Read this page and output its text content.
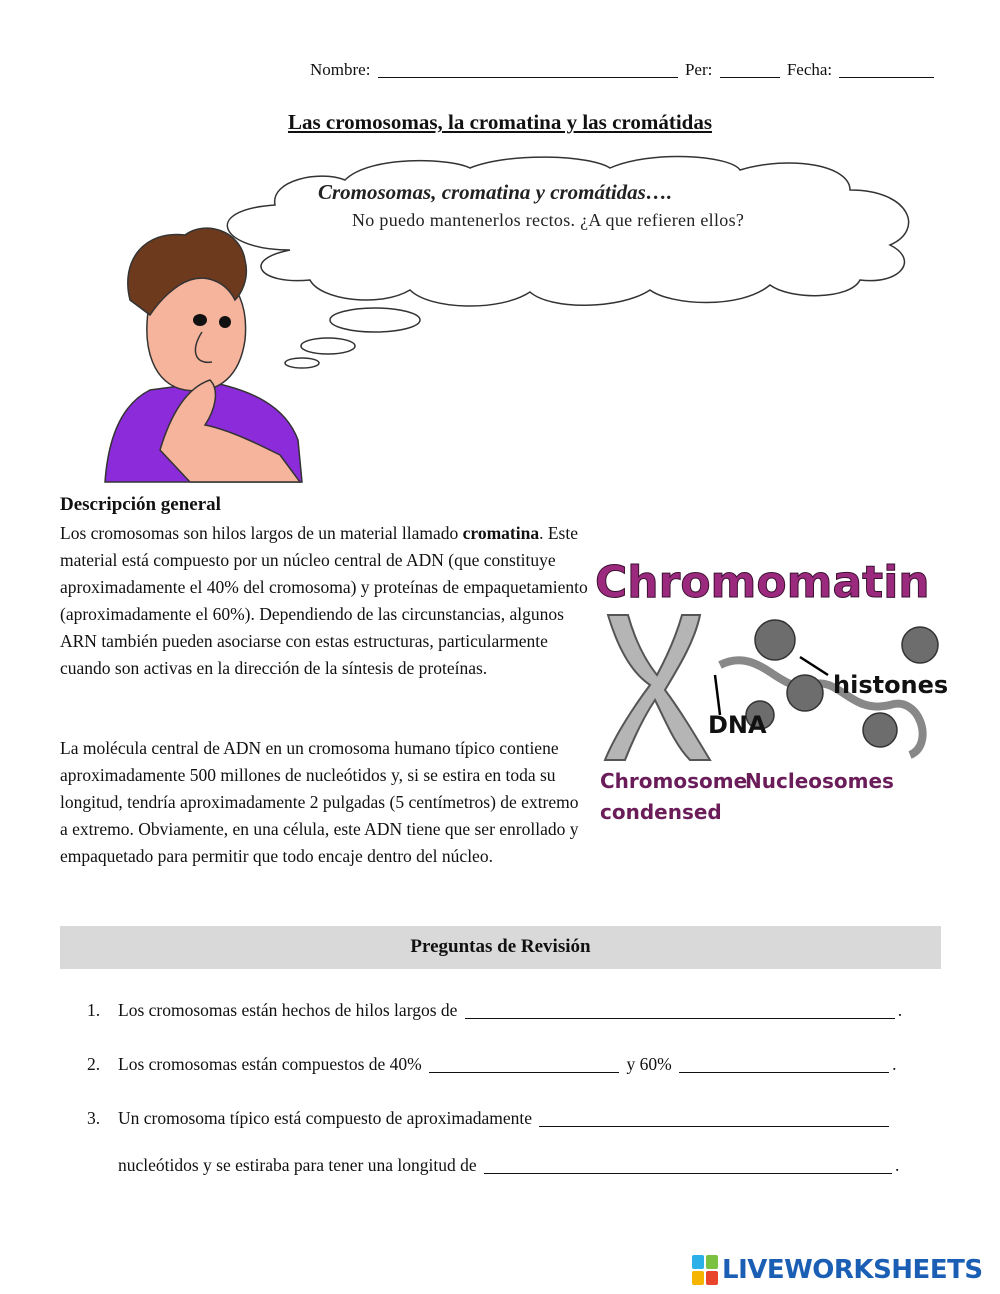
Nombre:	Per:	Fecha:
Las cromosomas, la cromatina y las cromátidas
Cromosomas, cromatina y cromátidas….
No puedo mantenerlos rectos. ¿A que refieren ellos?
Descripción general
Los cromosomas son hilos largos de un material llamado cromatina. Este material está compuesto por un núcleo central de ADN (que constituye aproximadamente el 40% del cromosoma) y proteínas de empaquetamiento (aproximadamente el 60%). Dependiendo de las circunstancias, algunos ARN también pueden asociarse con estas estructuras, particularmente cuando son activas en la dirección de la síntesis de proteínas.
La molécula central de ADN en un cromosoma humano típico contiene aproximadamente 500 millones de nucleótidos y, si se estira en toda su longitud, tendría aproximadamente 2 pulgadas (5 centímetros) de extremo a extremo. Obviamente, en una célula, este ADN tiene que ser enrollado y empaquetado para permitir que todo encaje dentro del núcleo.
Chromomatin
histones
DNA
Chromosome
condensed
Nucleosomes
Preguntas de Revisión
1. Los cromosomas están hechos de hilos largos de	.
2. Los cromosomas están compuestos de 40%	y 60%	.
3. Un cromosoma típico está compuesto de aproximadamente
nucleótidos y se estiraba para tener una longitud de	.
LIVEWORKSHEETS
